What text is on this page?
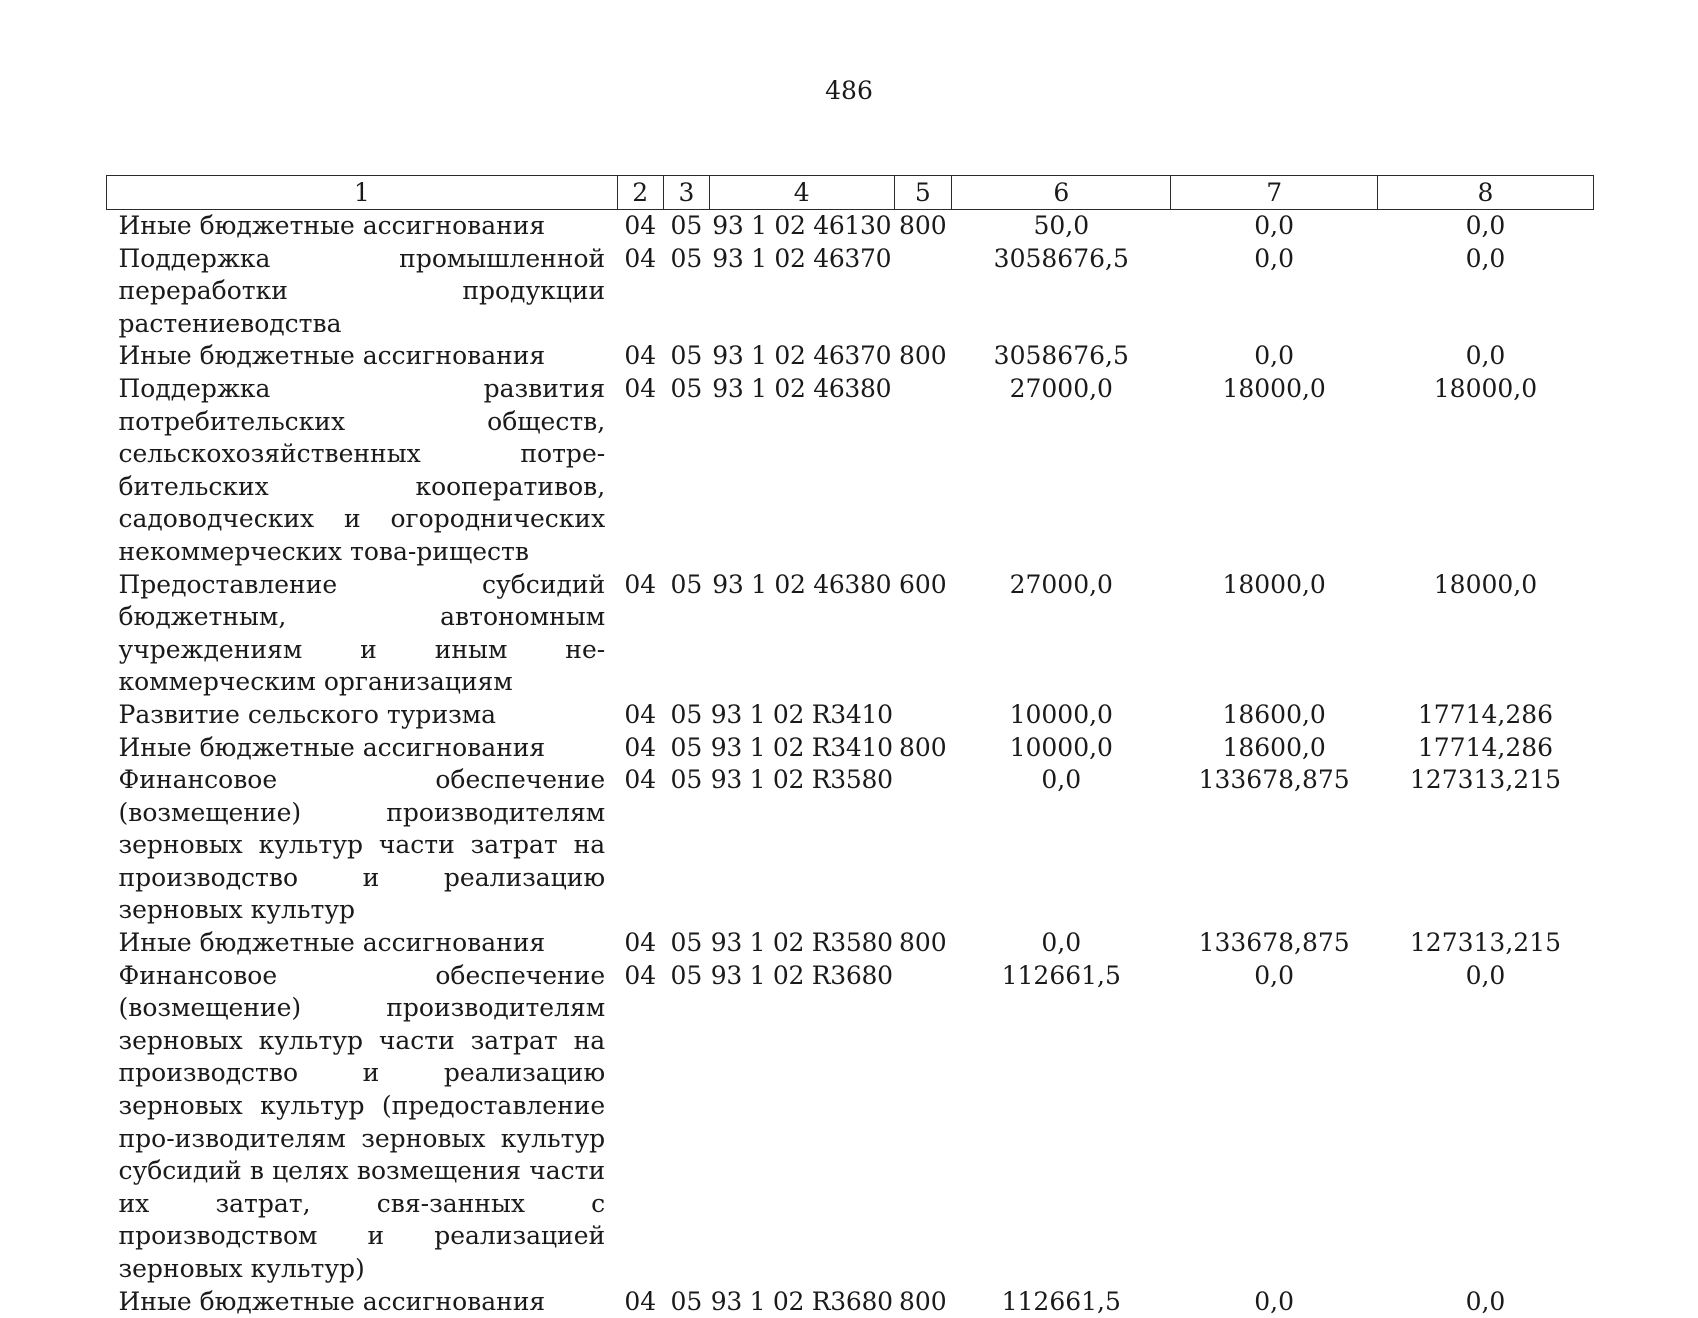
486
1	2	3	4	5	6	7	8
Иные бюджетные ассигнования	04	05	93 1 02 46130	800	50,0	0,0	0,0
Поддержка промышленной переработки продукции растениеводства	04	05	93 1 02 46370		3058676,5	0,0	0,0
Иные бюджетные ассигнования	04	05	93 1 02 46370	800	3058676,5	0,0	0,0
Поддержка развития потребительских обществ, сельскохозяйственных потре-бительских кооперативов, садоводческих и огороднических некоммерческих това-риществ	04	05	93 1 02 46380		27000,0	18000,0	18000,0
Предоставление субсидий бюджетным, автономным учреждениям и иным не-коммерческим организациям	04	05	93 1 02 46380	600	27000,0	18000,0	18000,0
Развитие сельского туризма	04	05	93 1 02 R3410		10000,0	18600,0	17714,286
Иные бюджетные ассигнования	04	05	93 1 02 R3410	800	10000,0	18600,0	17714,286
Финансовое обеспечение (возмещение) производителям зерновых культур части затрат на производство и реализацию зерновых культур	04	05	93 1 02 R3580		0,0	133678,875	127313,215
Иные бюджетные ассигнования	04	05	93 1 02 R3580	800	0,0	133678,875	127313,215
Финансовое обеспечение (возмещение) производителям зерновых культур части затрат на производство и реализацию зерновых культур (предоставление про-изводителям зерновых культур субсидий в целях возмещения части их затрат, свя-занных с производством и реализацией зерновых культур)	04	05	93 1 02 R3680		112661,5	0,0	0,0
Иные бюджетные ассигнования	04	05	93 1 02 R3680	800	112661,5	0,0	0,0
